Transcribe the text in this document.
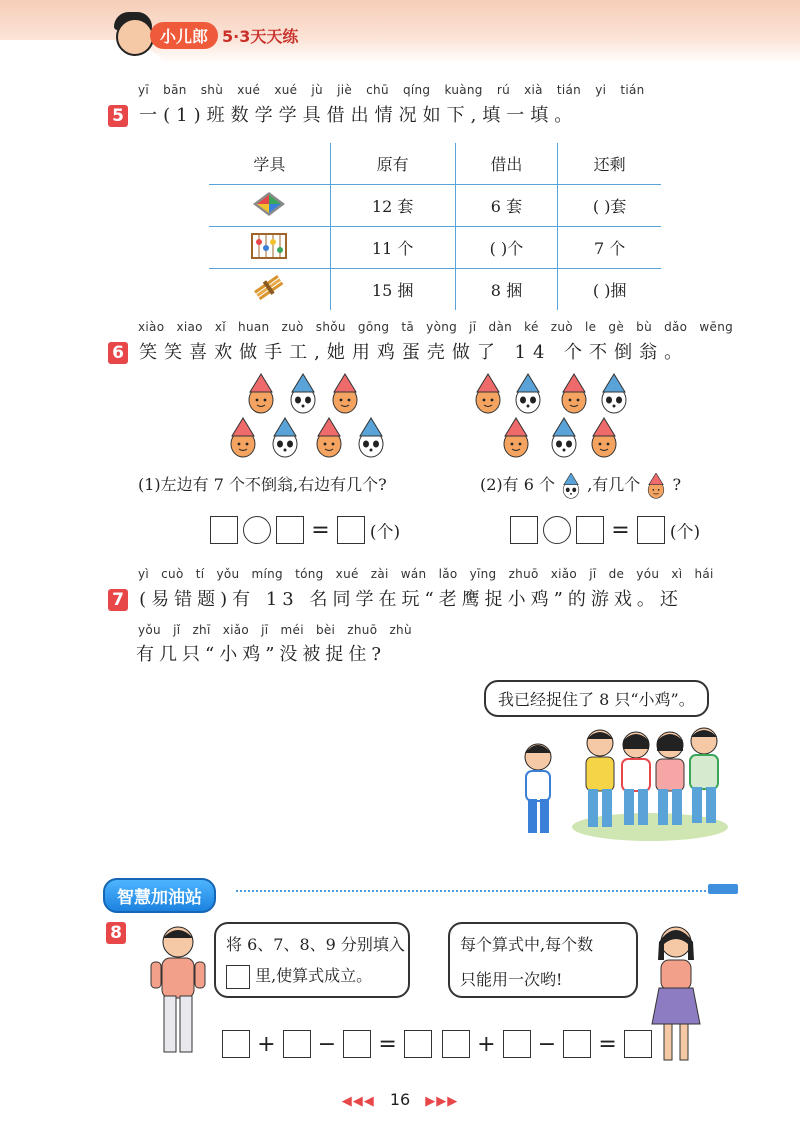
小儿郎 5·3天天练
yī bān shù xué xué jù jiè chū qíng kuàng rú xià tián yi tián
5 一(1)班数学学具借出情况如下,填一填。
学具	原有	借出	还剩
	12 套	6 套	( )套
	11 个	( )个	7 个
	15 捆	8 捆	( )捆
xiào xiao xǐ huan zuò shǒu gōng tā yòng jī dàn ké zuò le gè bù dǎo wēng
6 笑笑喜欢做手工,她用鸡蛋壳做了 14 个不倒翁。
(1)左边有 7 个不倒翁,右边有几个?	(2)有 6 个 ,有几个 ?
= (个)	= (个)
yì cuò tí yǒu míng tóng xué zài wán lǎo yīng zhuō xiǎo jī de yóu xì hái
7 (易错题)有 13 名同学在玩“老鹰捉小鸡”的游戏。还
yǒu jǐ zhī xiǎo jī méi bèi zhuō zhù
有几只“小鸡”没被捉住?
我已经捉住了 8 只“小鸡”。
智慧加油站
8
将 6、7、8、9 分别填入
里,使算式成立。
每个算式中,每个数
只能用一次哟!
+ − =	+ − =
◀◀◀ 16 ▶▶▶
